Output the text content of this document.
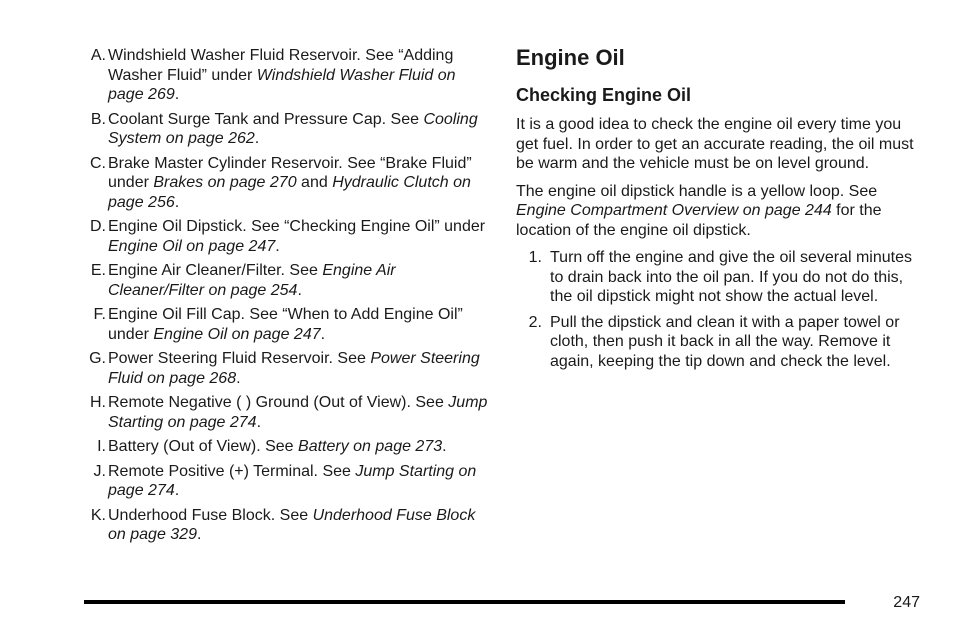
A. Windshield Washer Fluid Reservoir. See “Adding Washer Fluid” under Windshield Washer Fluid on page 269.
B. Coolant Surge Tank and Pressure Cap. See Cooling System on page 262.
C. Brake Master Cylinder Reservoir. See “Brake Fluid” under Brakes on page 270 and Hydraulic Clutch on page 256.
D. Engine Oil Dipstick. See “Checking Engine Oil” under Engine Oil on page 247.
E. Engine Air Cleaner/Filter. See Engine Air Cleaner/Filter on page 254.
F. Engine Oil Fill Cap. See “When to Add Engine Oil” under Engine Oil on page 247.
G. Power Steering Fluid Reservoir. See Power Steering Fluid on page 268.
H. Remote Negative ( ) Ground (Out of View). See Jump Starting on page 274.
I. Battery (Out of View). See Battery on page 273.
J. Remote Positive (+) Terminal. See Jump Starting on page 274.
K. Underhood Fuse Block. See Underhood Fuse Block on page 329.
Engine Oil
Checking Engine Oil
It is a good idea to check the engine oil every time you get fuel. In order to get an accurate reading, the oil must be warm and the vehicle must be on level ground.
The engine oil dipstick handle is a yellow loop. See Engine Compartment Overview on page 244 for the location of the engine oil dipstick.
1. Turn off the engine and give the oil several minutes to drain back into the oil pan. If you do not do this, the oil dipstick might not show the actual level.
2. Pull the dipstick and clean it with a paper towel or cloth, then push it back in all the way. Remove it again, keeping the tip down and check the level.
247
